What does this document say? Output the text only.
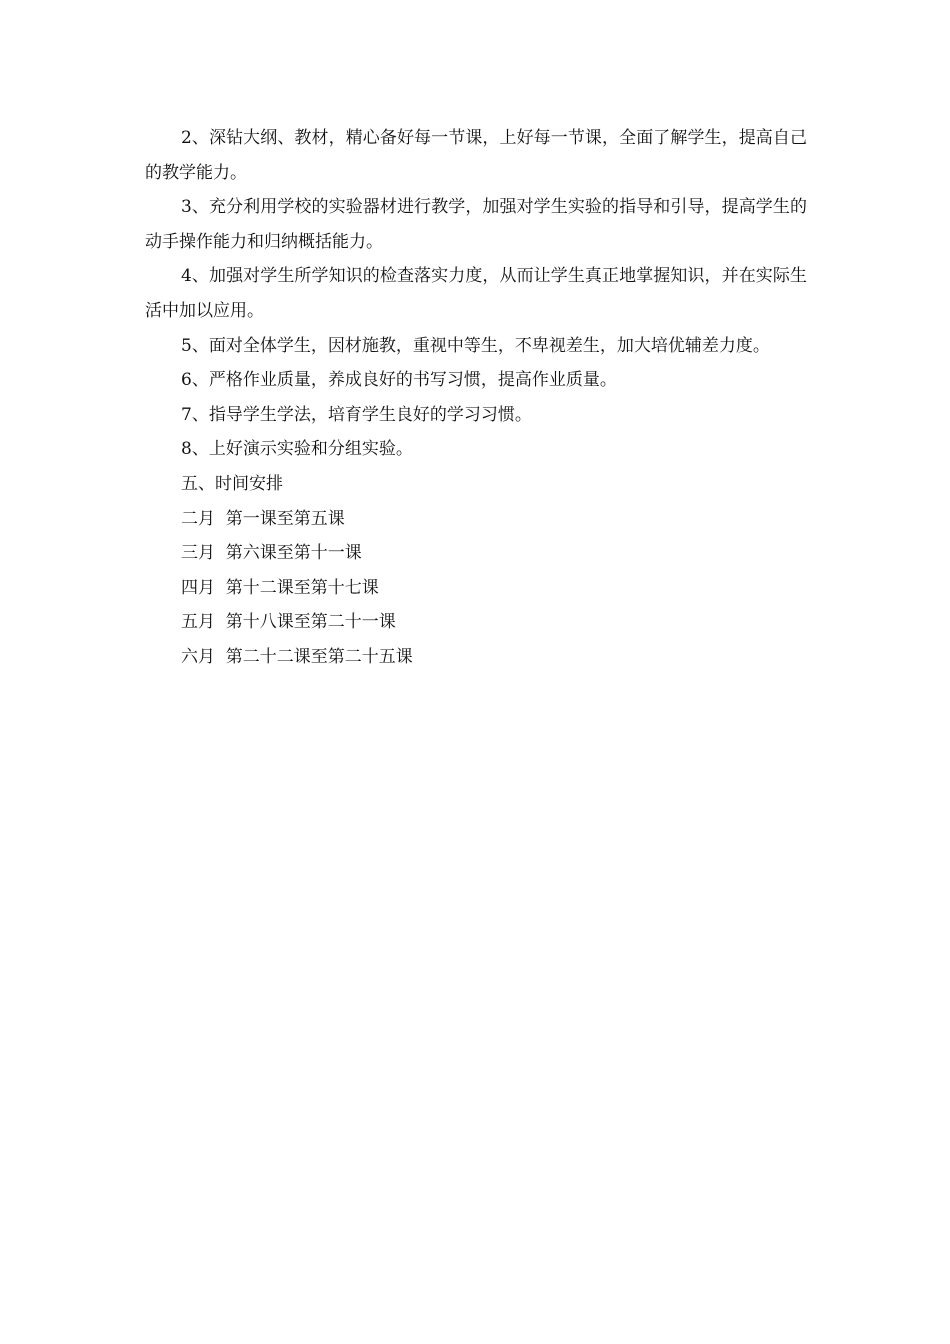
2、深钻大纲、教材，精心备好每一节课，上好每一节课，全面了解学生，提高自己的教学能力。

3、充分利用学校的实验器材进行教学，加强对学生实验的指导和引导，提高学生的动手操作能力和归纳概括能力。

4、加强对学生所学知识的检查落实力度，从而让学生真正地掌握知识，并在实际生活中加以应用。

5、面对全体学生，因材施教，重视中等生，不卑视差生，加大培优辅差力度。

6、严格作业质量，养成良好的书写习惯，提高作业质量。

7、指导学生学法，培育学生良好的学习习惯。

8、上好演示实验和分组实验。

五、时间安排

二月  第一课至第五课

三月  第六课至第十一课

四月  第十二课至第十七课

五月  第十八课至第二十一课

六月  第二十二课至第二十五课
